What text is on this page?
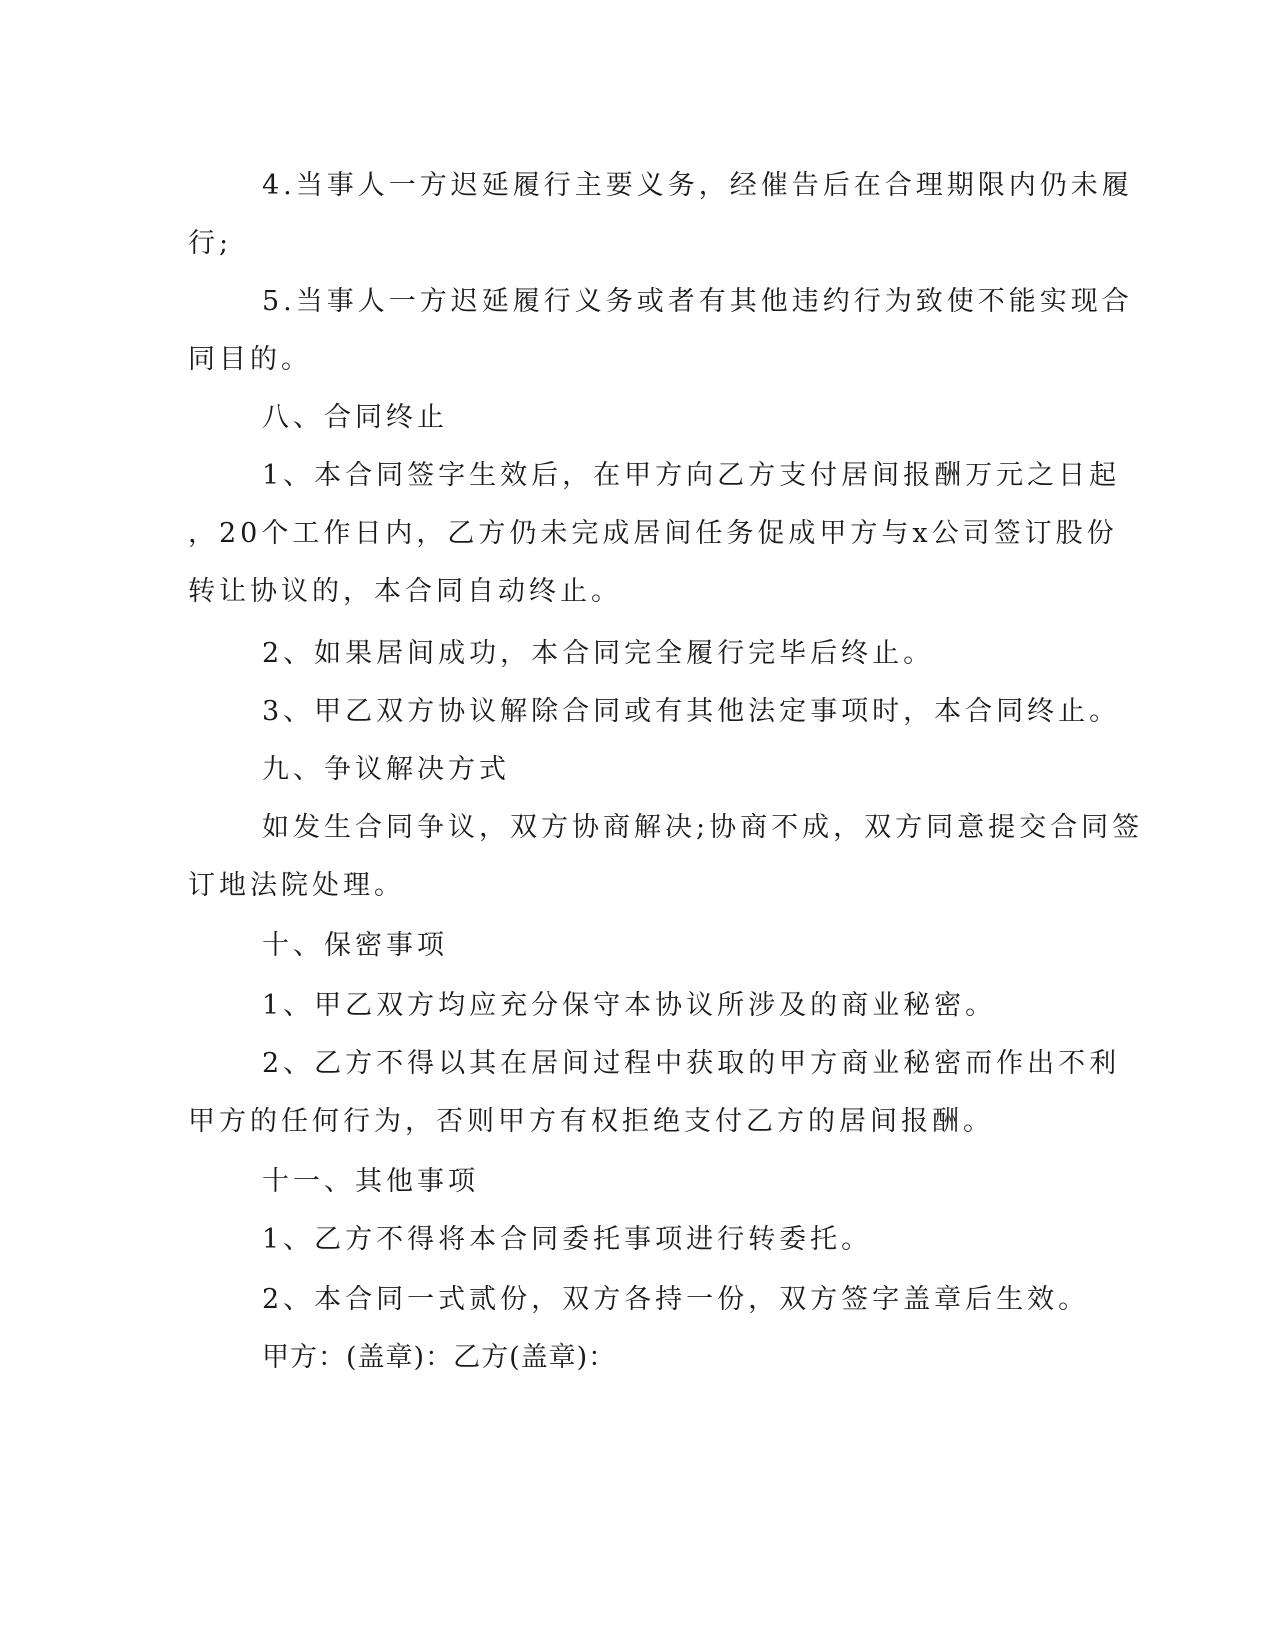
4.当事人一方迟延履行主要义务，经催告后在合理期限内仍未履
行;
5.当事人一方迟延履行义务或者有其他违约行为致使不能实现合
同目的。
八、合同终止
1、本合同签字生效后，在甲方向乙方支付居间报酬万元之日起
，20个工作日内，乙方仍未完成居间任务促成甲方与x公司签订股份
转让协议的，本合同自动终止。
2、如果居间成功，本合同完全履行完毕后终止。
3、甲乙双方协议解除合同或有其他法定事项时，本合同终止。
九、争议解决方式
如发生合同争议，双方协商解决;协商不成，双方同意提交合同签
订地法院处理。
十、保密事项
1、甲乙双方均应充分保守本协议所涉及的商业秘密。
2、乙方不得以其在居间过程中获取的甲方商业秘密而作出不利
甲方的任何行为，否则甲方有权拒绝支付乙方的居间报酬。
十一、其他事项
1、乙方不得将本合同委托事项进行转委托。
2、本合同一式贰份，双方各持一份，双方签字盖章后生效。
甲方：(盖章)：乙方(盖章)：
